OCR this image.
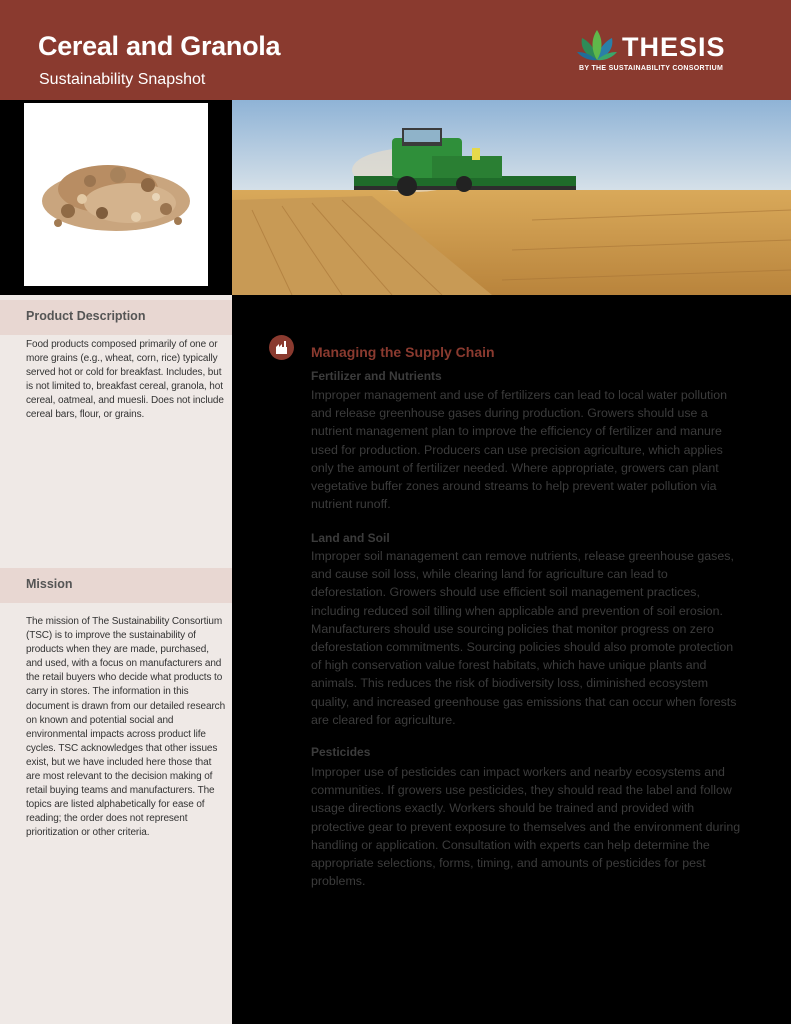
Cereal and Granola
Sustainability Snapshot
THESIS
BY THE SUSTAINABILITY CONSORTIUM
Product Description
Food products composed primarily of one or more grains (e.g., wheat, corn, rice) typically served hot or cold for breakfast. Includes, but is not limited to, breakfast cereal, granola, hot cereal, oatmeal, and muesli. Does not include cereal bars, flour, or grains.
Mission
The mission of The Sustainability Consortium (TSC) is to improve the sustainability of products when they are made, purchased, and used, with a focus on manufacturers and the retail buyers who decide what products to carry in stores. The information in this document is drawn from our detailed research on known and potential social and environmental impacts across product life cycles. TSC acknowledges that other issues exist, but we have included here those that are most relevant to the decision making of retail buying teams and manufacturers. The topics are listed alphabetically for ease of reading; the order does not represent prioritization or other criteria.
Managing the Supply Chain
Fertilizer and Nutrients
Improper management and use of fertilizers can lead to local water pollution and release greenhouse gases during production. Growers should use a nutrient management plan to improve the efficiency of fertilizer and manure used for production. Producers can use precision agriculture, which applies only the amount of fertilizer needed. Where appropriate, growers can plant vegetative buffer zones around streams to help prevent water pollution via nutrient runoff.
Land and Soil
Improper soil management can remove nutrients, release greenhouse gases, and cause soil loss, while clearing land for agriculture can lead to deforestation. Growers should use efficient soil management practices, including reduced soil tilling when applicable and prevention of soil erosion. Manufacturers should use sourcing policies that monitor progress on zero deforestation commitments. Sourcing policies should also promote protection of high conservation value forest habitats, which have unique plants and animals. This reduces the risk of biodiversity loss, diminished ecosystem quality, and increased greenhouse gas emissions that can occur when forests are cleared for agriculture.
Pesticides
Improper use of pesticides can impact workers and nearby ecosystems and communities. If growers use pesticides, they should read the label and follow usage directions exactly. Workers should be trained and provided with protective gear to prevent exposure to themselves and the environment during handling or application. Consultation with experts can help determine the appropriate selections, forms, timing, and amounts of pesticides for pest problems.
